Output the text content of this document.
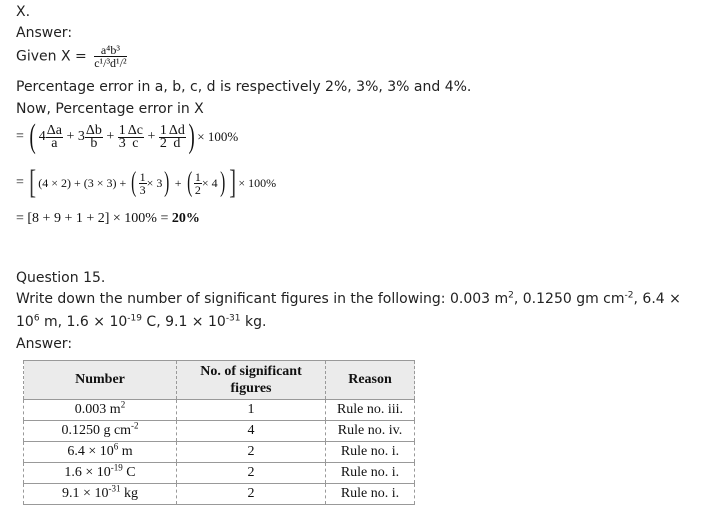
X.
Answer:
Given $X = \frac{\text{a⁴b³}}{\text{c¹/³d¹/²}}$
Percentage error in a, b, c, d is respectively 2%, 3%, 3% and 4%.
Now, Percentage error in X
= ( $4 \frac{\Delta a}{a} + 3 \frac{\Delta b}{b} + \frac{1}{3} \frac{\Delta c}{c} + \frac{1}{2} \frac{\Delta d}{d}$ ) × 100%
= [ (4 × 2) + (3 × 3) + ( $\frac{1}{3} \times 3$) + ( $\frac{1}{2} \times 4$) ] × 100%
= [8 + 9 + 1 + 2] × 100% = 20%
Question 15.
Write down the number of significant figures in the following: 0.003 $m^2$, 0.1250 gm $cm^{-2}$, 6.4 ×
$10^6$ m, $1.6 \times 10^{-19}$ C, $9.1 \times 10^{-31}$ kg.
Answer:
Number	No. of significant figures	Reason
0.003 $m^2$	1	Rule no. iii.
0.1250 g $cm^{-2}$	4	Rule no. iv.
$6.4 \times 10^6$ m	2	Rule no. i.
$1.6 \times 10^{-19}$ C	2	Rule no. i.
$9.1 \times 10^{-31}$ kg	2	Rule no. i.
